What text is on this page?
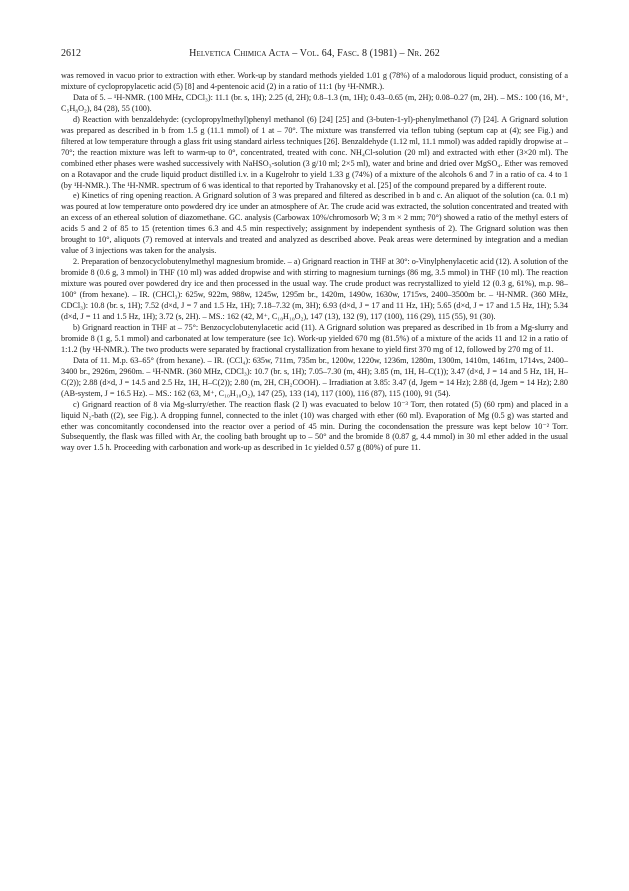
2612	Helvetica Chimica Acta – Vol. 64, Fasc. 8 (1981) – Nr. 262

was removed in vacuo prior to extraction with ether. Work-up by standard methods yielded 1.01 g (78%) of a malodorous liquid product, consisting of a mixture of cyclopropylacetic acid (5) [8] and 4-pentenoic acid (2) in a ratio of 11:1 (by ¹H-NMR.).

Data of 5. – ¹H-NMR. (100 MHz, CDCl₃): 11.1 (br. s, 1H); 2.25 (d, 2H); 0.8–1.3 (m, 1H); 0.43–0.65 (m, 2H); 0.08–0.27 (m, 2H). – MS.: 100 (16, M⁺, C₅H₈O₂), 84 (28), 55 (100).

d) Reaction with benzaldehyde: (cyclopropylmethyl)phenyl methanol (6) [24] [25] and (3-buten-1-yl)-phenylmethanol (7) [24]. A Grignard solution was prepared as described in b from 1.5 g (11.1 mmol) of 1 at – 70°. The mixture was transferred via teflon tubing (septum cap at (4); see Fig.) and filtered at low temperature through a glass frit using standard airless techniques [26]. Benzaldehyde (1.12 ml, 11.1 mmol) was added rapidly dropwise at – 70°; the reaction mixture was left to warm-up to 0°, concentrated, treated with conc. NH₄Cl-solution (20 ml) and extracted with ether (3×20 ml). The combined ether phases were washed successively with NaHSO₃-solution (3 g/10 ml; 2×5 ml), water and brine and dried over MgSO₄. Ether was removed on a Rotavapor and the crude liquid product distilled i.v. in a Kugelrohr to yield 1.33 g (74%) of a mixture of the alcohols 6 and 7 in a ratio of ca. 4 to 1 (by ¹H-NMR.). The ¹H-NMR. spectrum of 6 was identical to that reported by Trahanovsky et al. [25] of the compound prepared by a different route.

e) Kinetics of ring opening reaction. A Grignard solution of 3 was prepared and filtered as described in b and c. An aliquot of the solution (ca. 0.1 m) was poured at low temperature onto powdered dry ice under an atmosphere of Ar. The crude acid was extracted, the solution concentrated and treated with an excess of an ethereal solution of diazomethane. GC. analysis (Carbowax 10%/chromosorb W; 3 m × 2 mm; 70°) showed a ratio of the methyl esters of acids 5 and 2 of 85 to 15 (retention times 6.3 and 4.5 min respectively; assignment by independent synthesis of 2). The Grignard solution was then brought to 10°, aliquots (7) removed at intervals and treated and analyzed as described above. Peak areas were determined by integration and a median value of 3 injections was taken for the analysis.

2. Preparation of benzocyclobutenylmethyl magnesium bromide. – a) Grignard reaction in THF at 30°: o-Vinylphenylacetic acid (12). A solution of the bromide 8 (0.6 g, 3 mmol) in THF (10 ml) was added dropwise and with stirring to magnesium turnings (86 mg, 3.5 mmol) in THF (10 ml). The reaction mixture was poured over powdered dry ice and then processed in the usual way. The crude product was recrystallized to yield 12 (0.3 g, 61%), m.p. 98–100° (from hexane). – IR. (CHCl₃): 625w, 922m, 988w, 1245w, 1295m br., 1420m, 1490w, 1630w, 1715vs, 2400–3500m br. – ¹H-NMR. (360 MHz, CDCl₃): 10.8 (br. s, 1H); 7.52 (d×d, J = 7 and 1.5 Hz, 1H); 7.18–7.32 (m, 3H); 6.93 (d×d, J = 17 and 11 Hz, 1H); 5.65 (d×d, J = 17 and 1.5 Hz, 1H); 5.34 (d×d, J = 11 and 1.5 Hz, 1H); 3.72 (s, 2H). – MS.: 162 (42, M⁺, C₁₀H₁₀O₂), 147 (13), 132 (9), 117 (100), 116 (29), 115 (55), 91 (30).

b) Grignard reaction in THF at – 75°: Benzocyclobutenylacetic acid (11). A Grignard solution was prepared as described in 1b from a Mg-slurry and bromide 8 (1 g, 5.1 mmol) and carbonated at low temperature (see 1c). Work-up yielded 670 mg (81.5%) of a mixture of the acids 11 and 12 in a ratio of 1:1.2 (by ¹H-NMR.). The two products were separated by fractional crystallization from hexane to yield first 370 mg of 12, followed by 270 mg of 11.

Data of 11. M.p. 63–65° (from hexane). – IR. (CCl₄): 635w, 711m, 735m br., 1200w, 1220w, 1236m, 1280m, 1300m, 1410m, 1461m, 1714vs, 2400–3400 br., 2926m, 2960m. – ¹H-NMR. (360 MHz, CDCl₃): 10.7 (br. s, 1H); 7.05–7.30 (m, 4H); 3.85 (m, 1H, H–C(1)); 3.47 (d×d, J = 14 and 5 Hz, 1H, H–C(2)); 2.88 (d×d, J = 14.5 and 2.5 Hz, 1H, H–C(2)); 2.80 (m, 2H, CH₂COOH). – Irradiation at 3.85: 3.47 (d, Jgem = 14 Hz); 2.88 (d, Jgem = 14 Hz); 2.80 (AB-system, J = 16.5 Hz). – MS.: 162 (63, M⁺, C₁₀H₁₀O₂), 147 (25), 133 (14), 117 (100), 116 (87), 115 (100), 91 (54).

c) Grignard reaction of 8 via Mg-slurry/ether. The reaction flask (2 l) was evacuated to below 10⁻³ Torr, then rotated (5) (60 rpm) and placed in a liquid N₂-bath ((2), see Fig.). A dropping funnel, connected to the inlet (10) was charged with ether (60 ml). Evaporation of Mg (0.5 g) was started and ether was concomitantly cocondensed into the reactor over a period of 45 min. During the cocondensation the pressure was kept below 10⁻² Torr. Subsequently, the flask was filled with Ar, the cooling bath brought up to – 50° and the bromide 8 (0.87 g, 4.4 mmol) in 30 ml ether added in the usual way over 1.5 h. Proceeding with carbonation and work-up as described in 1c yielded 0.57 g (80%) of pure 11.
